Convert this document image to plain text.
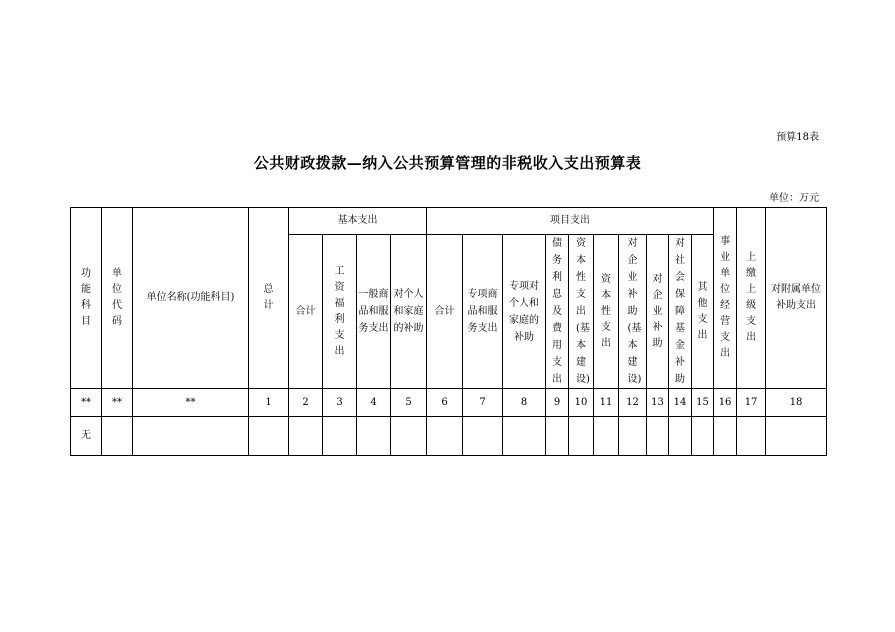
预算18表
公共财政拨款—纳入公共预算管理的非税收入支出预算表
单位：万元
功能科目	单位代码	单位名称(功能科目)	总计	基本支出				项目支出										事业单位经营支出	上缴上级支出	对附属单位补助支出
				合计	工资福利支出	一般商品和服务支出	对个人和家庭的补助	合计	专项商品和服务支出	专项对个人和家庭的补助	债务利息及费用支出	资本性支出(基本建设)	资本性支出	对企业补助(基本建设)	对企业补助	对社会保障基金补助	其他支出			
**	**	**	1	2	3	4	5	6	7	8	9	10	11	12	13	14	15	16	17	18
无																				
